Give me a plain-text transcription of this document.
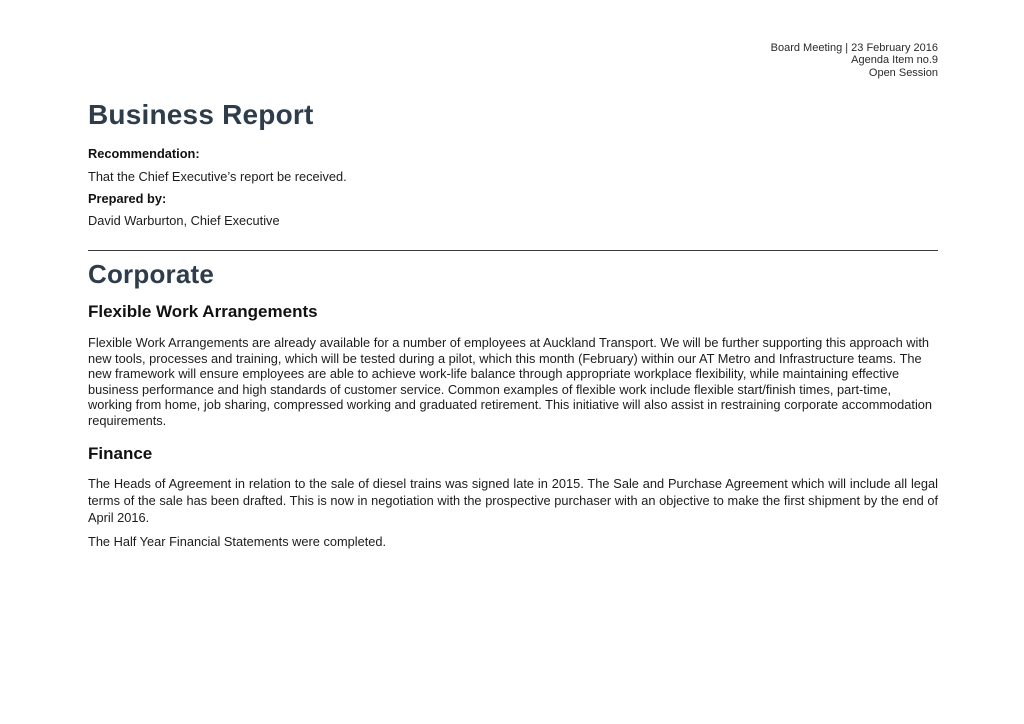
Board Meeting | 23 February 2016
Agenda Item no.9
Open Session
Business Report
Recommendation:
That the Chief Executive’s report be received.
Prepared by:
David Warburton, Chief Executive
Corporate
Flexible Work Arrangements

Flexible Work Arrangements are already available for a number of employees at Auckland Transport. We will be further supporting this approach with new tools, processes and training, which will be tested during a pilot, which this month (February) within our AT Metro and Infrastructure teams. The new framework will ensure employees are able to achieve work-life balance through appropriate workplace flexibility, while maintaining effective business performance and high standards of customer service. Common examples of flexible work include flexible start/finish times, part-time, working from home, job sharing, compressed working and graduated retirement. This initiative will also assist in restraining corporate accommodation requirements.

Finance

The Heads of Agreement in relation to the sale of diesel trains was signed late in 2015. The Sale and Purchase Agreement which will include all legal terms of the sale has been drafted. This is now in negotiation with the prospective purchaser with an objective to make the first shipment by the end of April 2016.

The Half Year Financial Statements were completed.
